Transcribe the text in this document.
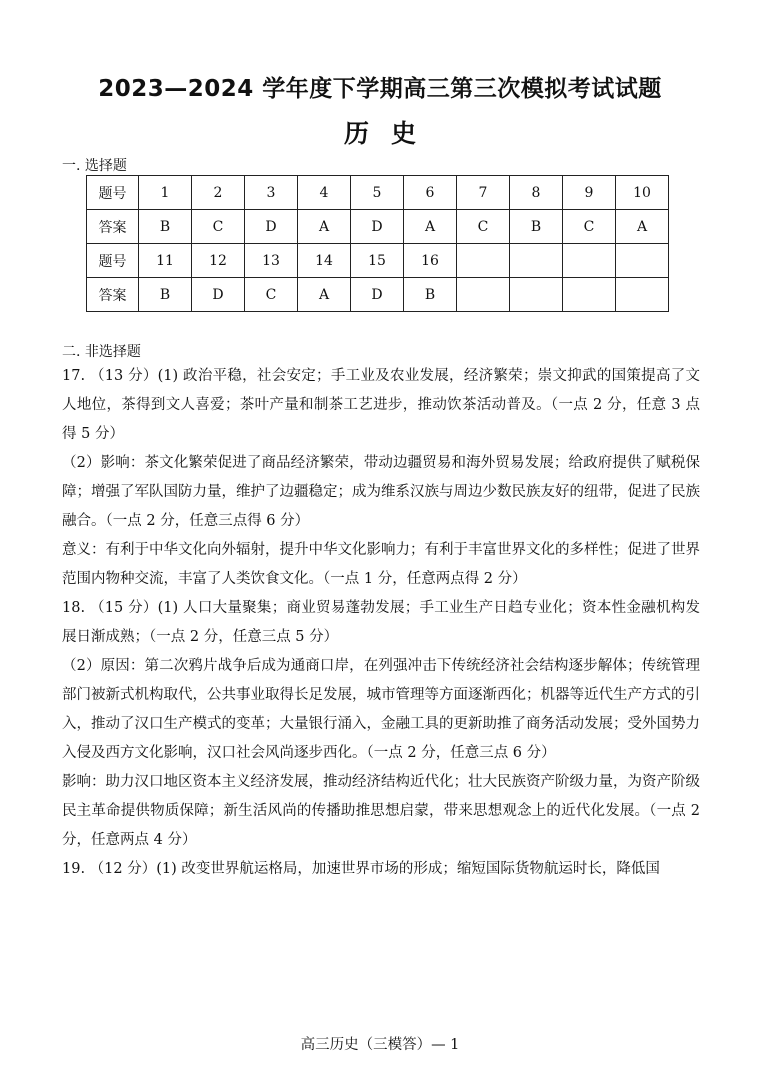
2023—2024 学年度下学期高三第三次模拟考试试题
历史
一. 选择题
题号	1	2	3	4	5	6	7	8	9	10
答案	B	C	D	A	D	A	C	B	C	A
题号	11	12	13	14	15	16				
答案	B	D	C	A	D	B				
二. 非选择题

17. （13 分）(1) 政治平稳，社会安定；手工业及农业发展，经济繁荣；崇文抑武的国策提高了文人地位，茶得到文人喜爱；茶叶产量和制茶工艺进步，推动饮茶活动普及。（一点 2 分，任意 3 点得 5 分）

（2）影响：茶文化繁荣促进了商品经济繁荣，带动边疆贸易和海外贸易发展；给政府提供了赋税保障；增强了军队国防力量，维护了边疆稳定；成为维系汉族与周边少数民族友好的纽带，促进了民族融合。（一点 2 分，任意三点得 6 分）

意义：有利于中华文化向外辐射，提升中华文化影响力；有利于丰富世界文化的多样性；促进了世界范围内物种交流，丰富了人类饮食文化。（一点 1 分，任意两点得 2 分）

18. （15 分）(1) 人口大量聚集；商业贸易蓬勃发展；手工业生产日趋专业化；资本性金融机构发展日渐成熟；（一点 2 分，任意三点 5 分）

（2）原因：第二次鸦片战争后成为通商口岸，在列强冲击下传统经济社会结构逐步解体；传统管理部门被新式机构取代，公共事业取得长足发展，城市管理等方面逐渐西化；机器等近代生产方式的引入，推动了汉口生产模式的变革；大量银行涌入，金融工具的更新助推了商务活动发展；受外国势力入侵及西方文化影响，汉口社会风尚逐步西化。（一点 2 分，任意三点 6 分）

影响：助力汉口地区资本主义经济发展，推动经济结构近代化；壮大民族资产阶级力量，为资产阶级民主革命提供物质保障；新生活风尚的传播助推思想启蒙，带来思想观念上的近代化发展。（一点 2 分，任意两点 4 分）

19. （12 分）(1) 改变世界航运格局，加速世界市场的形成；缩短国际货物航运时长，降低国

高三历史（三模答）— 1
